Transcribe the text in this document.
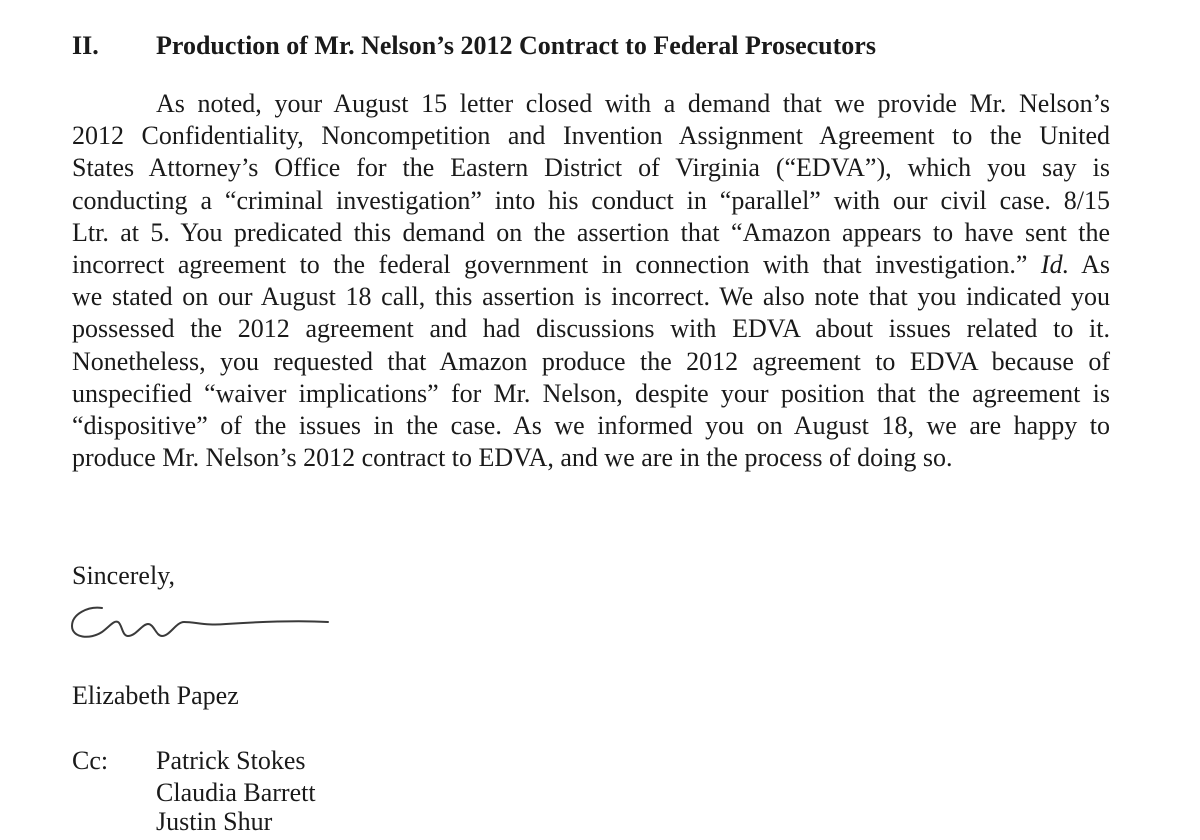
II. Production of Mr. Nelson’s 2012 Contract to Federal Prosecutors
As noted, your August 15 letter closed with a demand that we provide Mr. Nelson’s
2012 Confidentiality, Noncompetition and Invention Assignment Agreement to the United
States Attorney’s Office for the Eastern District of Virginia (“EDVA”), which you say is
conducting a “criminal investigation” into his conduct in “parallel” with our civil case. 8/15
Ltr. at 5. You predicated this demand on the assertion that “Amazon appears to have sent the
incorrect agreement to the federal government in connection with that investigation.” Id. As
we stated on our August 18 call, this assertion is incorrect. We also note that you indicated you
possessed the 2012 agreement and had discussions with EDVA about issues related to it.
Nonetheless, you requested that Amazon produce the 2012 agreement to EDVA because of
unspecified “waiver implications” for Mr. Nelson, despite your position that the agreement is
“dispositive” of the issues in the case. As we informed you on August 18, we are happy to
produce Mr. Nelson’s 2012 contract to EDVA, and we are in the process of doing so.
Sincerely,
Elizabeth Papez
Cc: Patrick Stokes
Claudia Barrett
Justin Shur
